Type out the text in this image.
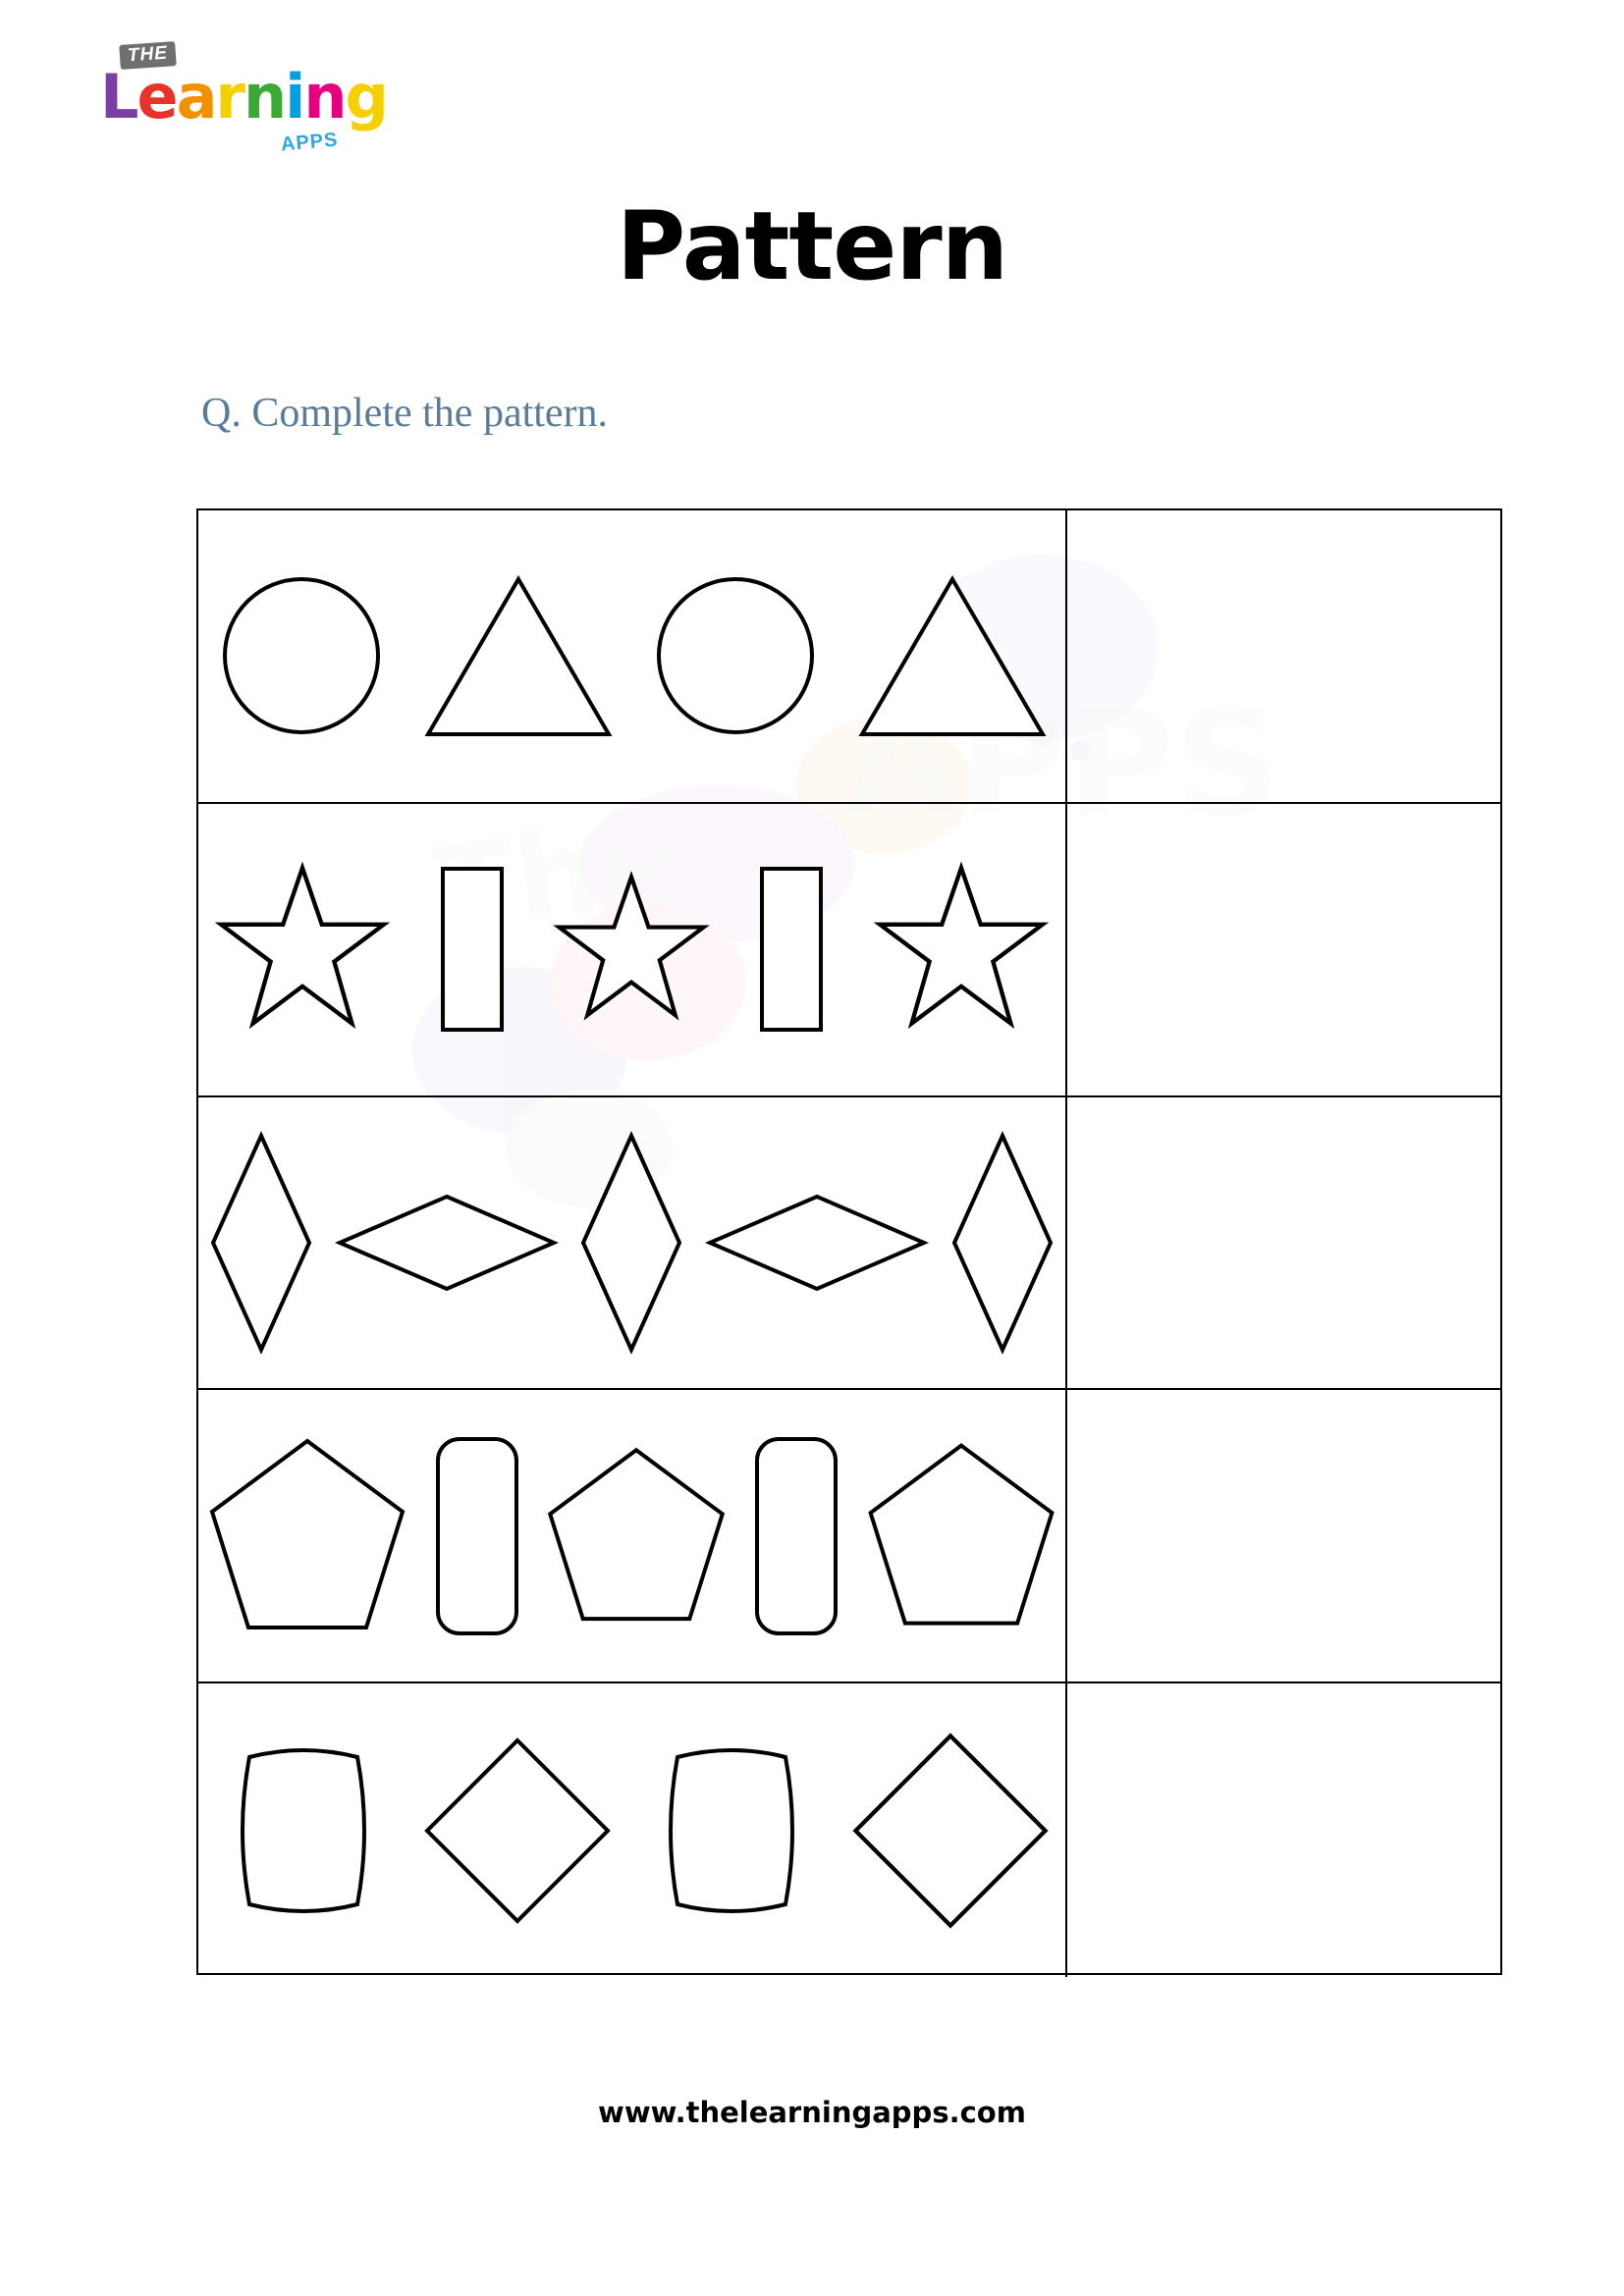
THE
Learning
APPS
Pattern
Q. Complete the pattern.
The
APPS
www.thelearningapps.com
